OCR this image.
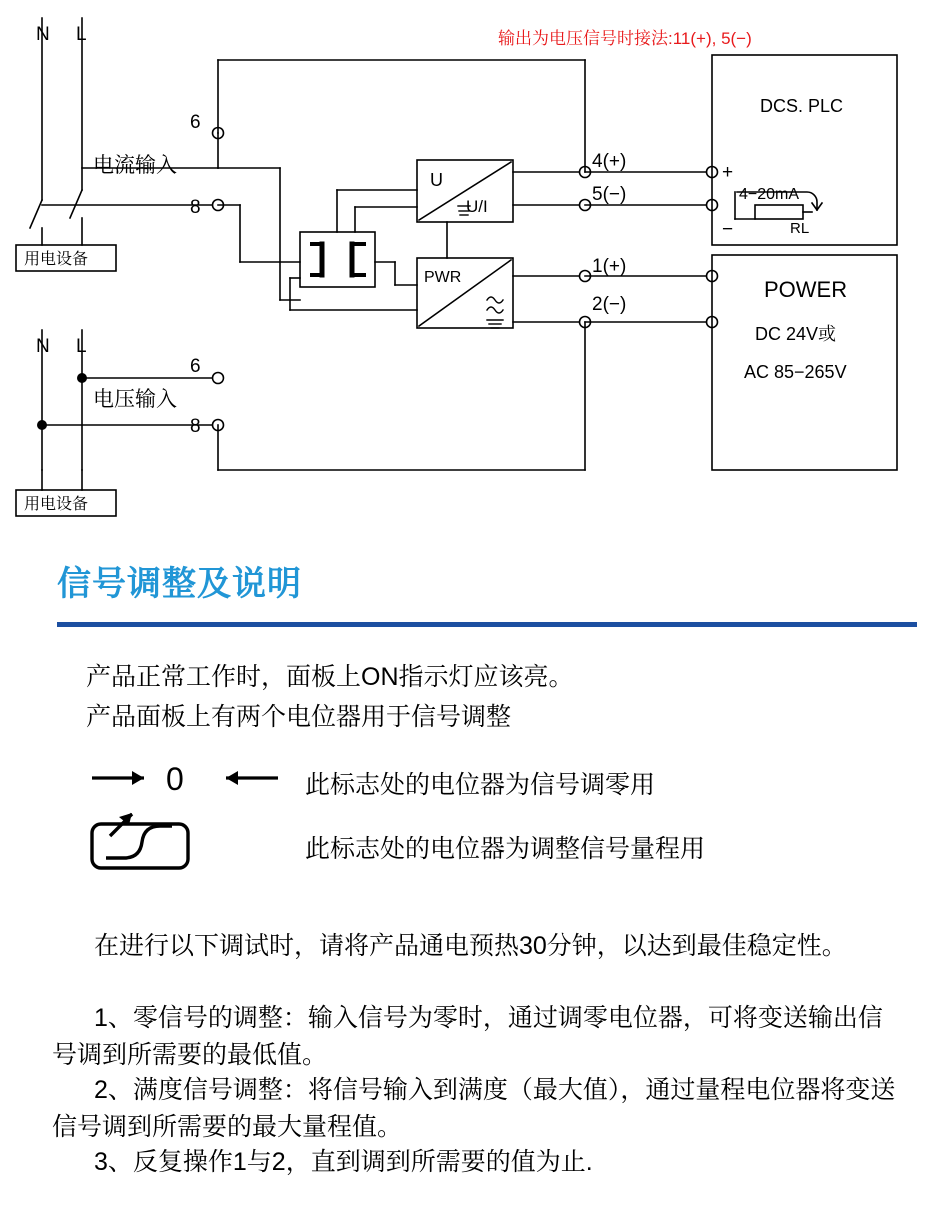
N L
N L
用电设备
用电设备
电流输入
电压输入
6
8
6
8
U
U/I
PWR
4(+)
5(−)
1(+)
2(−)
DCS. PLC
+
−
4−20mA
RL
POWER
DC 24V或
AC 85−265V
输出为电压信号时接法:11(+), 5(−)
信号调整及说明
产品正常工作时，面板上ON指示灯应该亮。
产品面板上有两个电位器用于信号调整
0	此标志处的电位器为信号调零用
此标志处的电位器为调整信号量程用
在进行以下调试时，请将产品通电预热30分钟，以达到最佳稳定性。
1、零信号的调整：输入信号为零时，通过调零电位器，可将变送输出信号调到所需要的最低值。
2、满度信号调整：将信号输入到满度（最大值），通过量程电位器将变送信号调到所需要的最大量程值。
3、反复操作1与2，直到调到所需要的值为止.
